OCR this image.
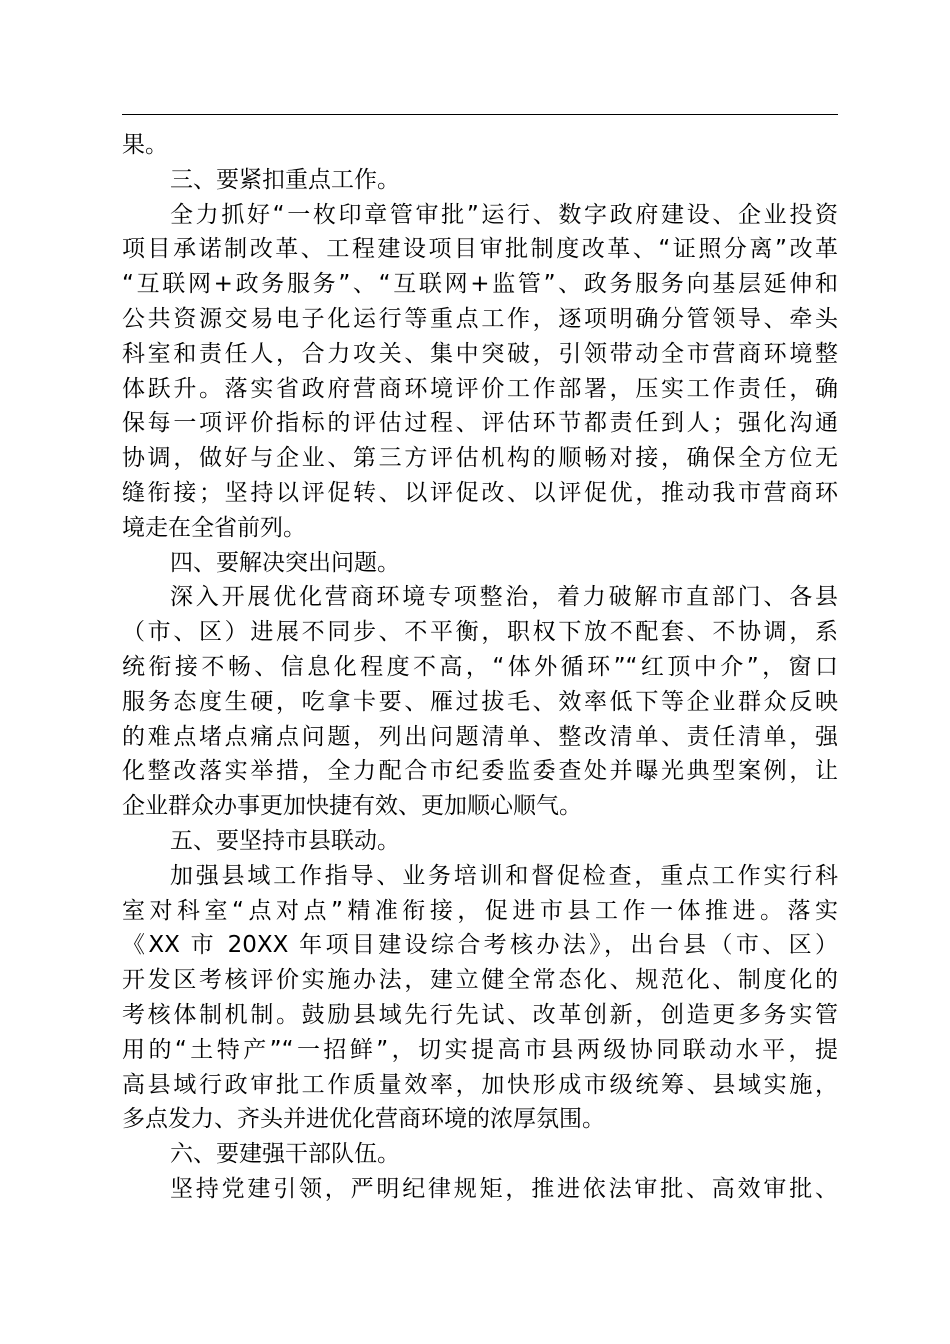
果。
三、要紧扣重点工作。
全力抓好“一枚印章管审批”运行、数字政府建设、企业投资
项目承诺制改革、工程建设项目审批制度改革、“证照分离”改革
“互联网+政务服务”、“互联网+监管”、政务服务向基层延伸和
公共资源交易电子化运行等重点工作，逐项明确分管领导、牵头
科室和责任人，合力攻关、集中突破，引领带动全市营商环境整
体跃升。落实省政府营商环境评价工作部署，压实工作责任，确
保每一项评价指标的评估过程、评估环节都责任到人；强化沟通
协调，做好与企业、第三方评估机构的顺畅对接，确保全方位无
缝衔接；坚持以评促转、以评促改、以评促优，推动我市营商环
境走在全省前列。
四、要解决突出问题。
深入开展优化营商环境专项整治，着力破解市直部门、各县
（市、区）进展不同步、不平衡，职权下放不配套、不协调，系
统衔接不畅、信息化程度不高，“体外循环”“红顶中介”，窗口
服务态度生硬，吃拿卡要、雁过拔毛、效率低下等企业群众反映
的难点堵点痛点问题，列出问题清单、整改清单、责任清单，强
化整改落实举措，全力配合市纪委监委查处并曝光典型案例，让
企业群众办事更加快捷有效、更加顺心顺气。
五、要坚持市县联动。
加强县域工作指导、业务培训和督促检查，重点工作实行科
室对科室“点对点”精准衔接，促进市县工作一体推进。落实
《XX 市 20XX 年项目建设综合考核办法》，出台县（市、区）
开发区考核评价实施办法，建立健全常态化、规范化、制度化的
考核体制机制。鼓励县域先行先试、改革创新，创造更多务实管
用的“土特产”“一招鲜”，切实提高市县两级协同联动水平，提
高县域行政审批工作质量效率，加快形成市级统筹、县域实施，
多点发力、齐头并进优化营商环境的浓厚氛围。
六、要建强干部队伍。
坚持党建引领，严明纪律规矩，推进依法审批、高效审批、
